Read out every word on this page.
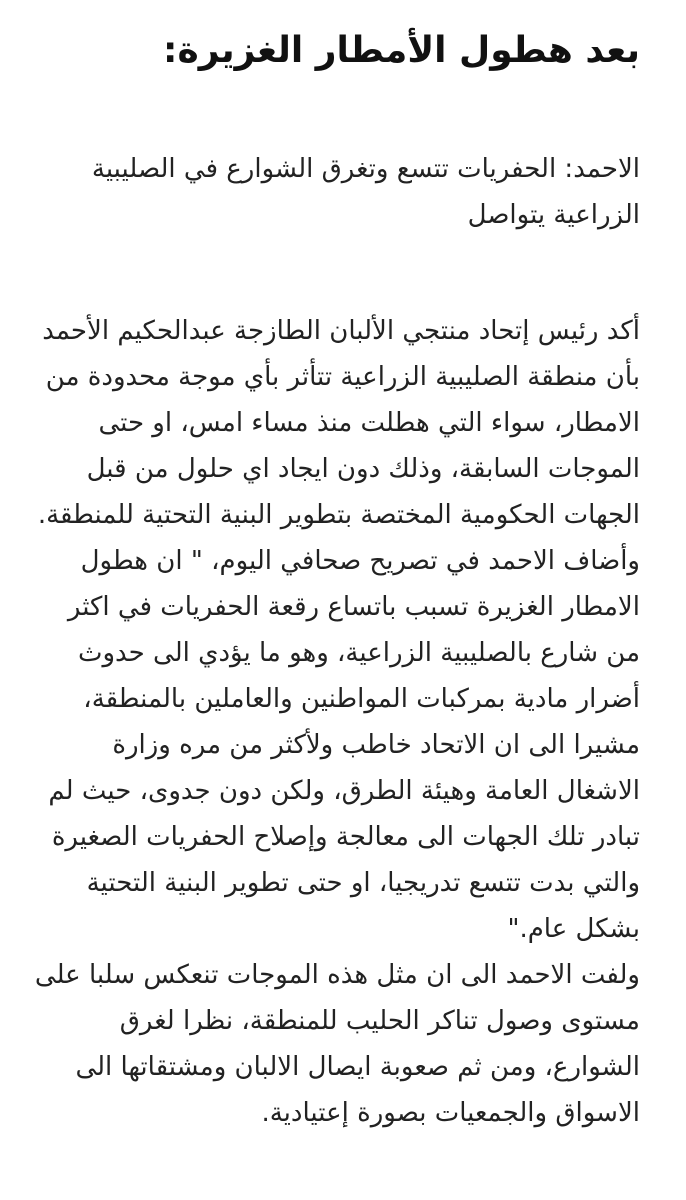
بعد هطول الأمطار الغزيرة:

الاحمد: الحفريات تتسع وتغرق الشوارع في الصليبية الزراعية يتواصل

أكد رئيس إتحاد منتجي الألبان الطازجة عبدالحكيم الأحمد بأن منطقة الصليبية الزراعية تتأثر بأي موجة محدودة من الامطار، سواء التي هطلت منذ مساء امس، او حتى الموجات السابقة، وذلك دون ايجاد اي حلول من قبل الجهات الحكومية المختصة بتطوير البنية التحتية للمنطقة.

وأضاف الاحمد في تصريح صحافي اليوم، " ان هطول الامطار الغزيرة تسبب باتساع رقعة الحفريات في اكثر من شارع بالصليبية الزراعية، وهو ما يؤدي الى حدوث أضرار مادية بمركبات المواطنين والعاملين بالمنطقة، مشيرا الى ان الاتحاد خاطب ولأكثر من مره وزارة الاشغال العامة وهيئة الطرق، ولكن دون جدوى، حيث لم تبادر تلك الجهات الى معالجة وإصلاح الحفريات الصغيرة والتي بدت تتسع تدريجيا، او حتى تطوير البنية التحتية بشكل عام."

ولفت الاحمد الى ان مثل هذه الموجات تنعكس سلبا على مستوى وصول تناكر الحليب للمنطقة، نظرا لغرق الشوارع، ومن ثم صعوبة ايصال الالبان ومشتقاتها الى الاسواق والجمعيات بصورة إعتيادية.
